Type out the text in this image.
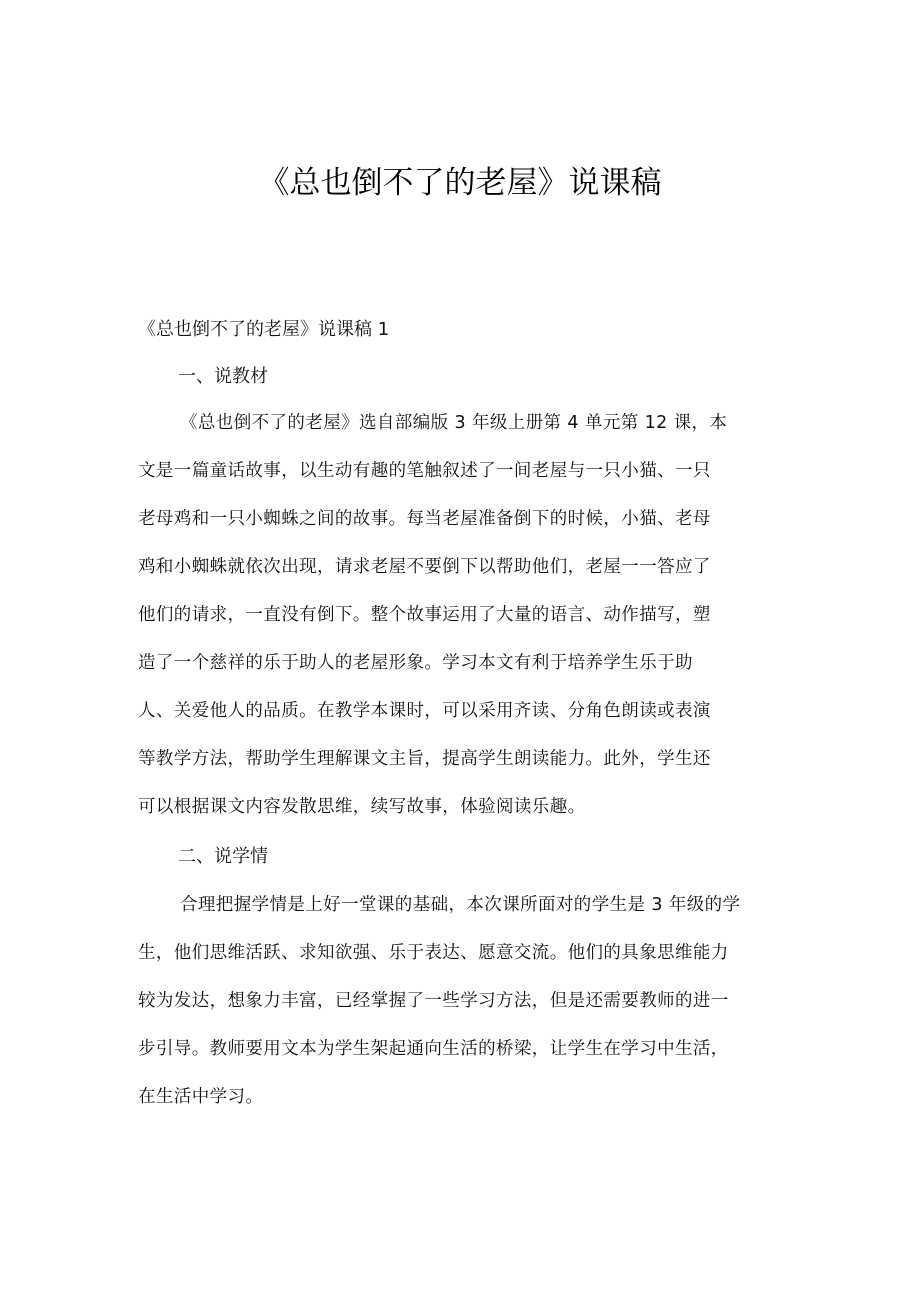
《总也倒不了的老屋》说课稿
《总也倒不了的老屋》说课稿 1
一、说教材
《总也倒不了的老屋》选自部编版 3 年级上册第 4 单元第 12 课，本
文是一篇童话故事，以生动有趣的笔触叙述了一间老屋与一只小猫、一只
老母鸡和一只小蜘蛛之间的故事。每当老屋准备倒下的时候，小猫、老母
鸡和小蜘蛛就依次出现，请求老屋不要倒下以帮助他们，老屋一一答应了
他们的请求，一直没有倒下。整个故事运用了大量的语言、动作描写，塑
造了一个慈祥的乐于助人的老屋形象。学习本文有利于培养学生乐于助
人、关爱他人的品质。在教学本课时，可以采用齐读、分角色朗读或表演
等教学方法，帮助学生理解课文主旨，提高学生朗读能力。此外，学生还
可以根据课文内容发散思维，续写故事，体验阅读乐趣。
二、说学情
合理把握学情是上好一堂课的基础，本次课所面对的学生是 3 年级的学
生，他们思维活跃、求知欲强、乐于表达、愿意交流。他们的具象思维能力
较为发达，想象力丰富，已经掌握了一些学习方法，但是还需要教师的进一
步引导。教师要用文本为学生架起通向生活的桥梁，让学生在学习中生活，
在生活中学习。
